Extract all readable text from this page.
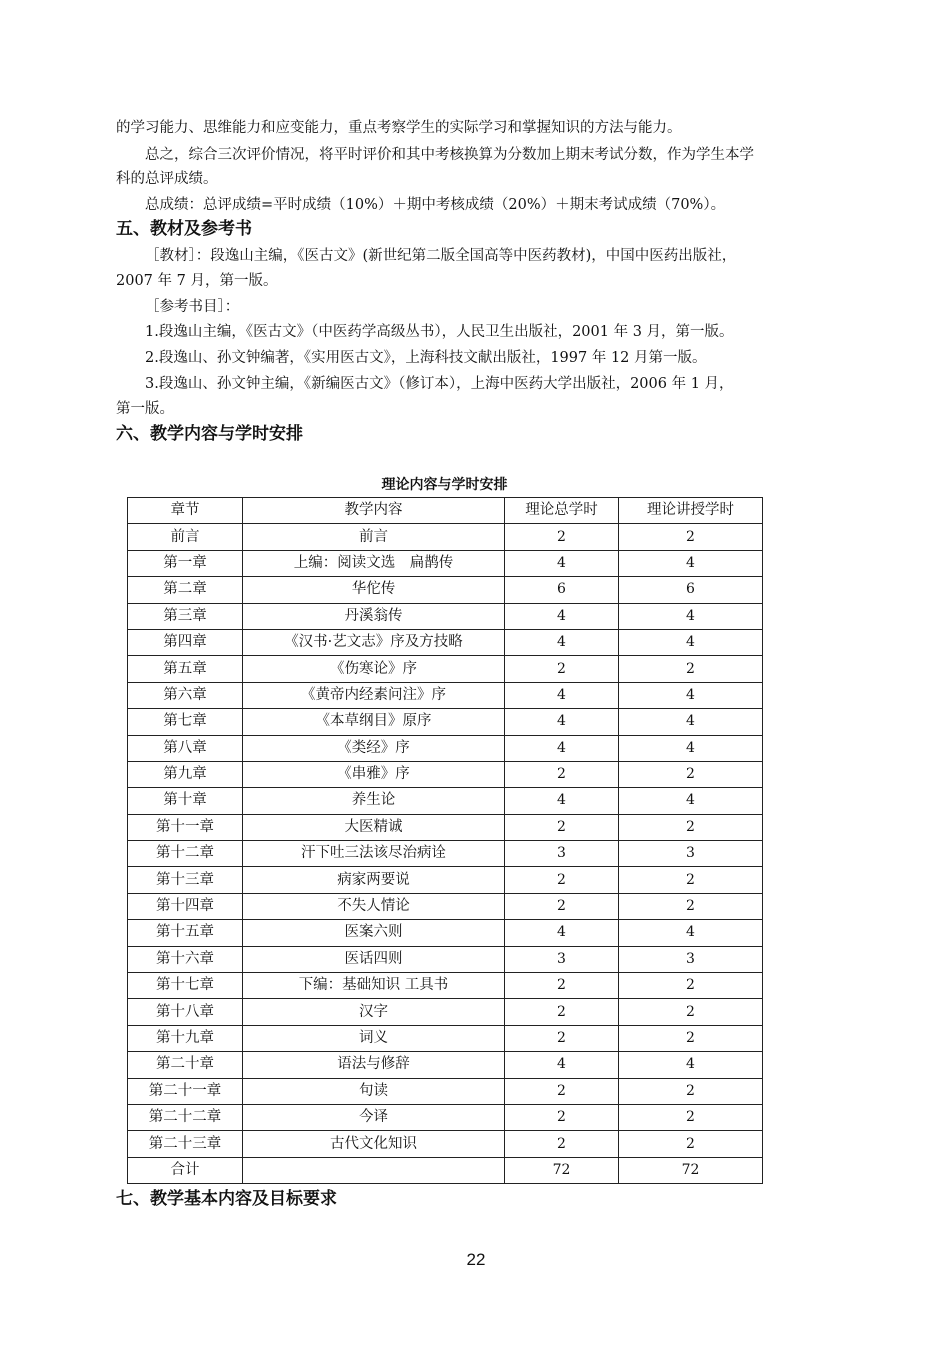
的学习能力、思维能力和应变能力，重点考察学生的实际学习和掌握知识的方法与能力。

总之，综合三次评价情况，将平时评价和其中考核换算为分数加上期末考试分数，作为学生本学

科的总评成绩。

总成绩：总评成绩=平时成绩（10%）＋期中考核成绩（20%）＋期末考试成绩（70%）。

五、教材及参考书

［教材］：段逸山主编，《医古文》(新世纪第二版全国高等中医药教材)，中国中医药出版社，

2007 年 7 月，第一版。

［参考书目］：

1.段逸山主编，《医古文》（中医药学高级丛书），人民卫生出版社，2001 年 3 月，第一版。

2.段逸山、孙文钟编著，《实用医古文》，上海科技文献出版社，1997 年 12 月第一版。

3.段逸山、孙文钟主编，《新编医古文》（修订本），上海中医药大学出版社，2006 年 1 月，

第一版。

六、教学内容与学时安排
理论内容与学时安排
章节	教学内容	理论总学时	理论讲授学时
前言	前言	2	2
第一章	上编：阅读文选　扁鹊传	4	4
第二章	华佗传	6	6
第三章	丹溪翁传	4	4
第四章	《汉书·艺文志》序及方技略	4	4
第五章	《伤寒论》序	2	2
第六章	《黄帝内经素问注》序	4	4
第七章	《本草纲目》原序	4	4
第八章	《类经》序	4	4
第九章	《串雅》序	2	2
第十章	养生论	4	4
第十一章	大医精诚	2	2
第十二章	汗下吐三法该尽治病诠	3	3
第十三章	病家两要说	2	2
第十四章	不失人情论	2	2
第十五章	医案六则	4	4
第十六章	医话四则	3	3
第十七章	下编：基础知识 工具书	2	2
第十八章	汉字	2	2
第十九章	词义	2	2
第二十章	语法与修辞	4	4
第二十一章	句读	2	2
第二十二章	今译	2	2
第二十三章	古代文化知识	2	2
合计		72	72
七、教学基本内容及目标要求
22
